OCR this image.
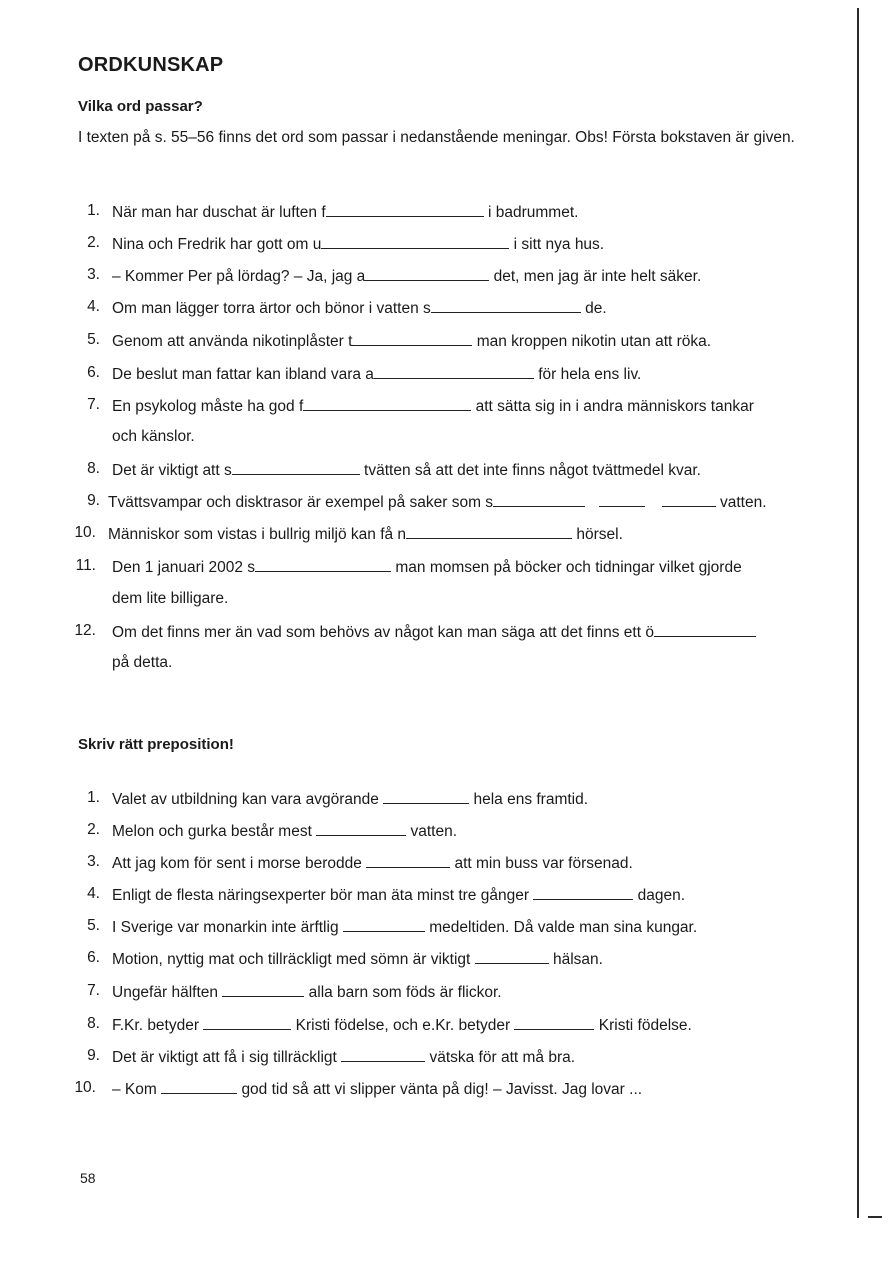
ORDKUNSKAP
Vilka ord passar?
I texten på s. 55–56 finns det ord som passar i nedanstående meningar. Obs! Första bokstaven är given.
1. När man har duschat är luften f	i badrummet.
2. Nina och Fredrik har gott om u	i sitt nya hus.
3. – Kommer Per på lördag? – Ja, jag a	det, men jag är inte helt säker.
4. Om man lägger torra ärtor och bönor i vatten s	de.
5. Genom att använda nikotinplåster t	man kroppen nikotin utan att röka.
6. De beslut man fattar kan ibland vara a	för hela ens liv.
7. En psykolog måste ha god f	att sätta sig in i andra människors tankar
och känslor.
8. Det är viktigt att s	tvätten så att det inte finns något tvättmedel kvar.
9. Tvättsvampar och disktrasor är exempel på saker som s	vatten.
10. Människor som vistas i bullrig miljö kan få n	hörsel.
11. Den 1 januari 2002 s	man momsen på böcker och tidningar vilket gjorde
dem lite billigare.
12. Om det finns mer än vad som behövs av något kan man säga att det finns ett ö
på detta.
Skriv rätt preposition!
1. Valet av utbildning kan vara avgörande	hela ens framtid.
2. Melon och gurka består mest	vatten.
3. Att jag kom för sent i morse berodde	att min buss var försenad.
4. Enligt de flesta näringsexperter bör man äta minst tre gånger	dagen.
5. I Sverige var monarkin inte ärftlig	medeltiden. Då valde man sina kungar.
6. Motion, nyttig mat och tillräckligt med sömn är viktigt	hälsan.
7. Ungefär hälften	alla barn som föds är flickor.
8. F.Kr. betyder	Kristi födelse, och e.Kr. betyder	Kristi födelse.
9. Det är viktigt att få i sig tillräckligt	vätska för att må bra.
10. – Kom	god tid så att vi slipper vänta på dig! – Javisst. Jag lovar ...
58
